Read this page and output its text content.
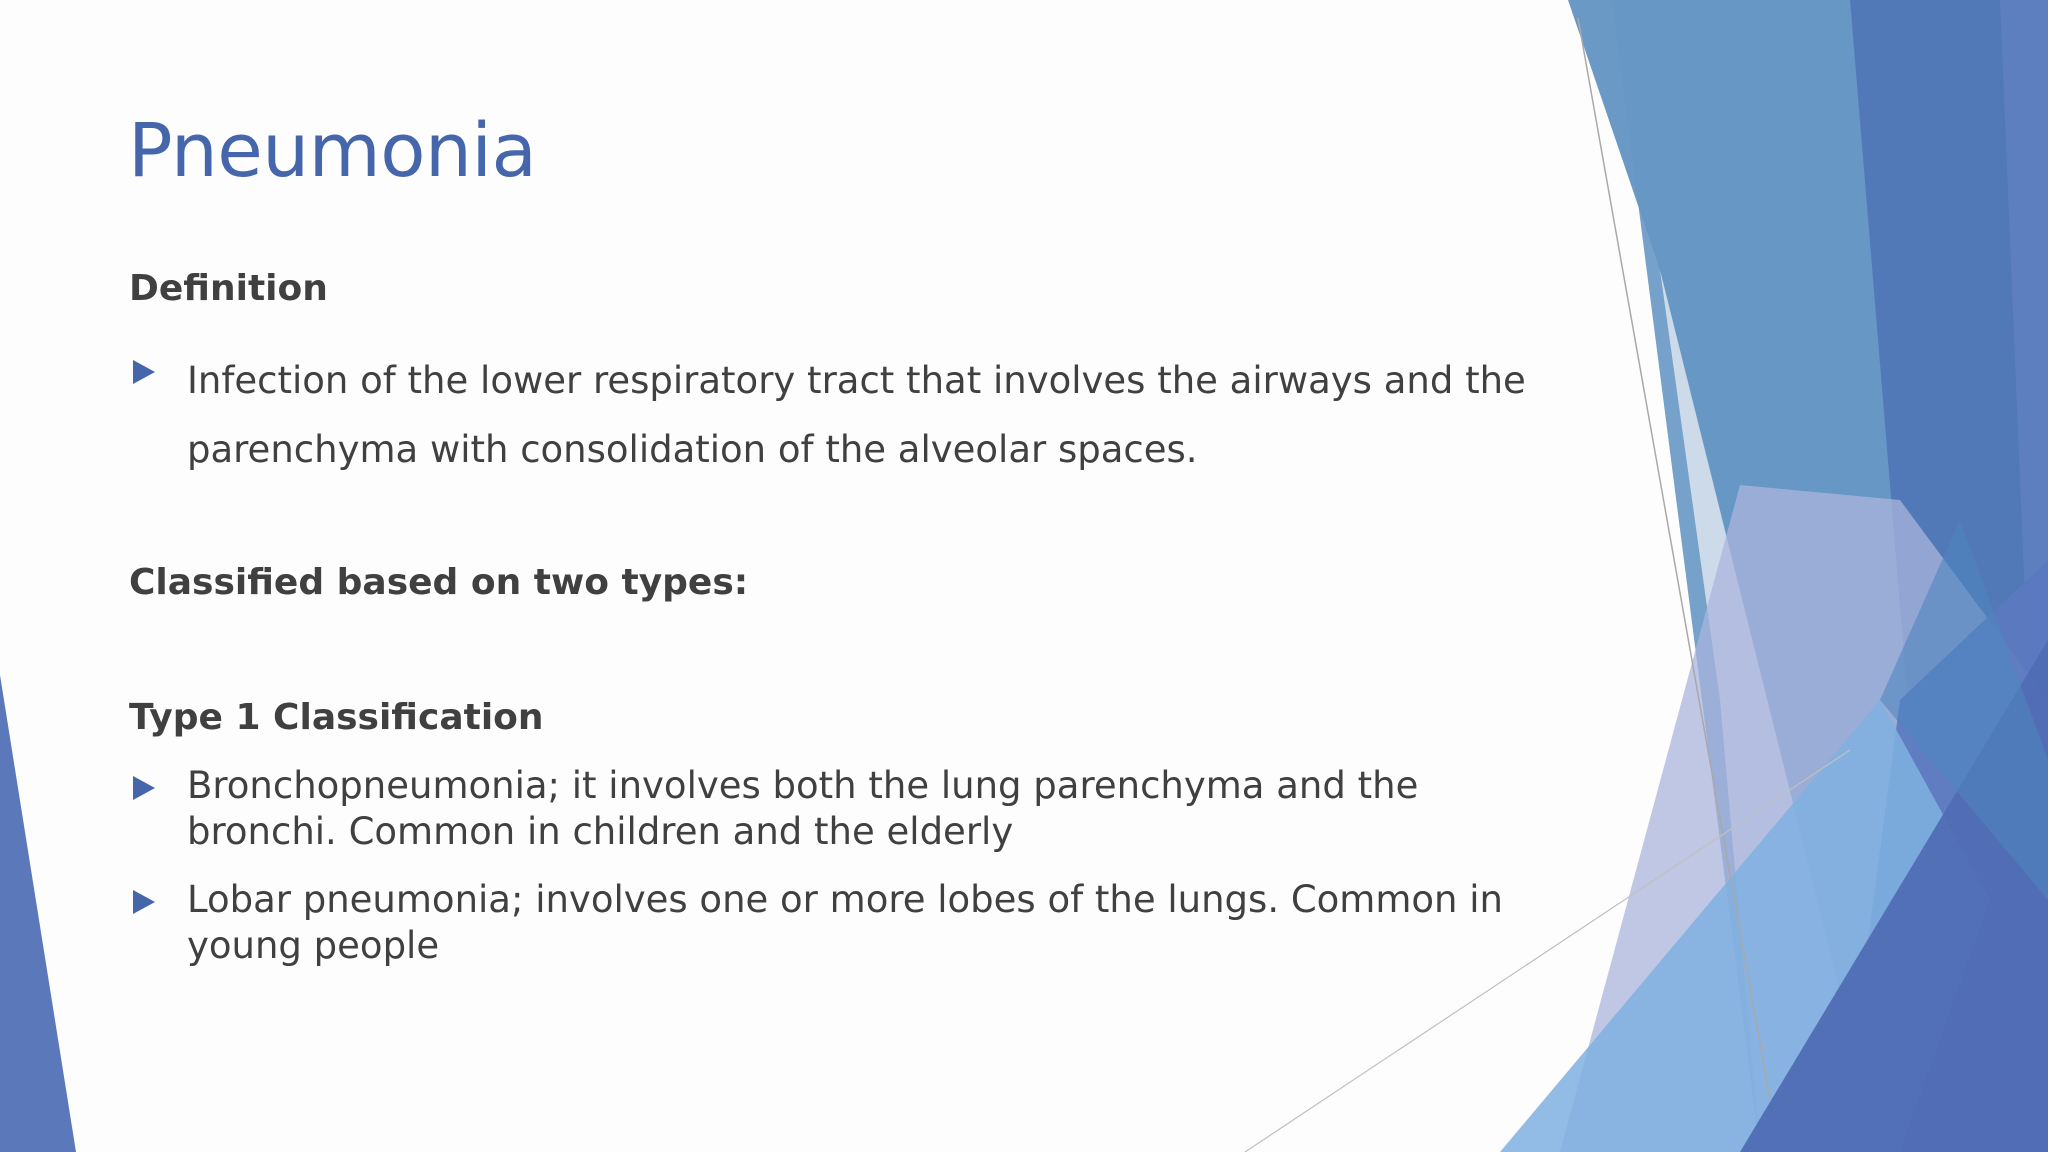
Pneumonia
Definition
Infection of the lower respiratory tract that involves the airways and the parenchyma with consolidation of the alveolar spaces.
Classified based on two types:
Type 1 Classification
Bronchopneumonia; it involves both the lung parenchyma and the bronchi. Common in children and the elderly
Lobar pneumonia; involves one or more lobes of the lungs. Common in young people
